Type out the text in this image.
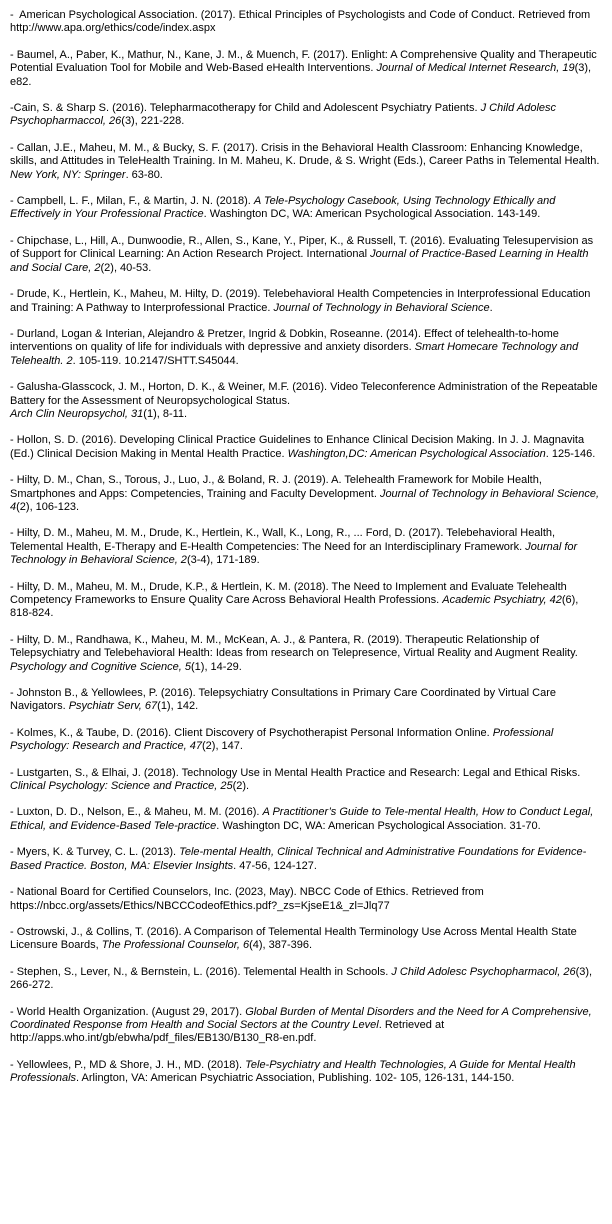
-  American Psychological Association. (2017). Ethical Principles of Psychologists and Code of Conduct. Retrieved from http://www.apa.org/ethics/code/index.aspx

- Baumel, A., Paber, K., Mathur, N., Kane, J. M., & Muench, F. (2017). Enlight: A Comprehensive Quality and Therapeutic Potential Evaluation Tool for Mobile and Web-Based eHealth Interventions. Journal of Medical Internet Research, 19(3), e82.

-Cain, S. & Sharp S. (2016). Telepharmacotherapy for Child and Adolescent Psychiatry Patients. J Child Adolesc Psychopharmaccol, 26(3), 221-228.

- Callan, J.E., Maheu, M. M., & Bucky, S. F. (2017). Crisis in the Behavioral Health Classroom: Enhancing Knowledge, skills, and Attitudes in TeleHealth Training. In M. Maheu, K. Drude, & S. Wright (Eds.), Career Paths in Telemental Health. New York, NY: Springer. 63-80.

- Campbell, L. F., Milan, F., & Martin, J. N. (2018). A Tele-Psychology Casebook, Using Technology Ethically and Effectively in Your Professional Practice. Washington DC, WA: American Psychological Association. 143-149.

- Chipchase, L., Hill, A., Dunwoodie, R., Allen, S., Kane, Y., Piper, K., & Russell, T. (2016). Evaluating Telesupervision as of Support for Clinical Learning: An Action Research Project. International Journal of Practice-Based Learning in Health and Social Care, 2(2), 40-53.

- Drude, K., Hertlein, K., Maheu, M. Hilty, D. (2019). Telebehavioral Health Competencies in Interprofessional Education and Training: A Pathway to Interprofessional Practice. Journal of Technology in Behavioral Science.

- Durland, Logan & Interian, Alejandro & Pretzer, Ingrid & Dobkin, Roseanne. (2014). Effect of telehealth-to-home interventions on quality of life for individuals with depressive and anxiety disorders. Smart Homecare Technology and Telehealth. 2. 105-119. 10.2147/SHTT.S45044.

- Galusha-Glasscock, J. M., Horton, D. K., & Weiner, M.F. (2016). Video Teleconference Administration of the Repeatable Battery for the Assessment of Neuropsychological Status.
Arch Clin Neuropsychol, 31(1), 8-11.

- Hollon, S. D. (2016). Developing Clinical Practice Guidelines to Enhance Clinical Decision Making. In J. J. Magnavita (Ed.) Clinical Decision Making in Mental Health Practice. Washington,DC: American Psychological Association. 125-146.

- Hilty, D. M., Chan, S., Torous, J., Luo, J., & Boland, R. J. (2019). A. Telehealth Framework for Mobile Health, Smartphones and Apps: Competencies, Training and Faculty Development. Journal of Technology in Behavioral Science, 4(2), 106-123.

- Hilty, D. M., Maheu, M. M., Drude, K., Hertlein, K., Wall, K., Long, R., ... Ford, D. (2017). Telebehavioral Health, Telemental Health, E-Therapy and E-Health Competencies: The Need for an Interdisciplinary Framework. Journal for Technology in Behavioral Science, 2(3-4), 171-189.

- Hilty, D. M., Maheu, M. M., Drude, K.P., & Hertlein, K. M. (2018). The Need to Implement and Evaluate Telehealth Competency Frameworks to Ensure Quality Care Across Behavioral Health Professions. Academic Psychiatry, 42(6), 818-824.

- Hilty, D. M., Randhawa, K., Maheu, M. M., McKean, A. J., & Pantera, R. (2019). Therapeutic Relationship of Telepsychiatry and Telebehavioral Health: Ideas from research on Telepresence, Virtual Reality and Augment Reality. Psychology and Cognitive Science, 5(1), 14-29.

- Johnston B., & Yellowlees, P. (2016). Telepsychiatry Consultations in Primary Care Coordinated by Virtual Care Navigators. Psychiatr Serv, 67(1), 142.

- Kolmes, K., & Taube, D. (2016). Client Discovery of Psychotherapist Personal Information Online. Professional Psychology: Research and Practice, 47(2), 147.

- Lustgarten, S., & Elhai, J. (2018). Technology Use in Mental Health Practice and Research: Legal and Ethical Risks. Clinical Psychology: Science and Practice, 25(2).

- Luxton, D. D., Nelson, E., & Maheu, M. M. (2016). A Practitioner’s Guide to Tele-mental Health, How to Conduct Legal, Ethical, and Evidence-Based Tele-practice. Washington DC, WA: American Psychological Association. 31-70.

- Myers, K. & Turvey, C. L. (2013). Tele-mental Health, Clinical Technical and Administrative Foundations for Evidence-Based Practice. Boston, MA: Elsevier Insights. 47-56, 124-127.

- National Board for Certified Counselors, Inc. (2023, May). NBCC Code of Ethics. Retrieved from https://nbcc.org/assets/Ethics/NBCCCodeofEthics.pdf?_zs=KjseE1&_zl=Jlq77

- Ostrowski, J., & Collins, T. (2016). A Comparison of Telemental Health Terminology Use Across Mental Health State Licensure Boards, The Professional Counselor, 6(4), 387-396.

- Stephen, S., Lever, N., & Bernstein, L. (2016). Telemental Health in Schools. J Child Adolesc Psychopharmacol, 26(3), 266-272.

- World Health Organization. (August 29, 2017). Global Burden of Mental Disorders and the Need for A Comprehensive, Coordinated Response from Health and Social Sectors at the Country Level. Retrieved at http://apps.who.int/gb/ebwha/pdf_files/EB130/B130_R8-en.pdf.

- Yellowlees, P., MD & Shore, J. H., MD. (2018). Tele-Psychiatry and Health Technologies, A Guide for Mental Health Professionals. Arlington, VA: American Psychiatric Association, Publishing. 102- 105, 126-131, 144-150.
